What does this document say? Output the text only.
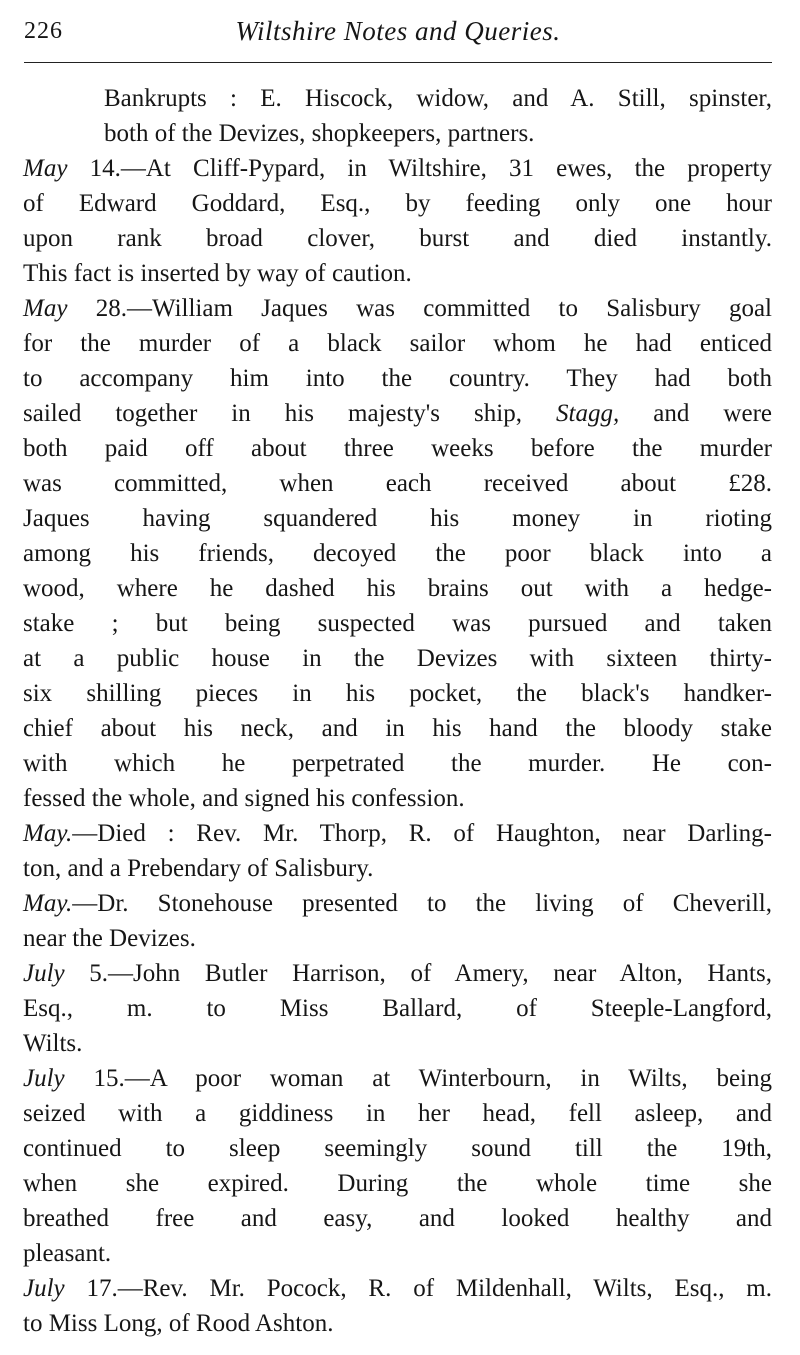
226	Wiltshire Notes and Queries.

Bankrupts : E. Hiscock, widow, and A. Still, spinster,
both of the Devizes, shopkeepers, partners.

May 14.—At Cliff-Pypard, in Wiltshire, 31 ewes, the property
of Edward Goddard, Esq., by feeding only one hour
upon rank broad clover, burst and died instantly.
This fact is inserted by way of caution.

May 28.—William Jaques was committed to Salisbury goal
for the murder of a black sailor whom he had enticed
to accompany him into the country. They had both
sailed together in his majesty's ship, Stagg, and were
both paid off about three weeks before the murder
was committed, when each received about £28.
Jaques having squandered his money in rioting
among his friends, decoyed the poor black into a
wood, where he dashed his brains out with a hedge-
stake ; but being suspected was pursued and taken
at a public house in the Devizes with sixteen thirty-
six shilling pieces in his pocket, the black's handker-
chief about his neck, and in his hand the bloody stake
with which he perpetrated the murder. He con-
fessed the whole, and signed his confession.

May.—Died : Rev. Mr. Thorp, R. of Haughton, near Darling-
ton, and a Prebendary of Salisbury.

May.—Dr. Stonehouse presented to the living of Cheverill,
near the Devizes.

July 5.—John Butler Harrison, of Amery, near Alton, Hants,
Esq., m. to Miss Ballard, of Steeple-Langford,
Wilts.

July 15.—A poor woman at Winterbourn, in Wilts, being
seized with a giddiness in her head, fell asleep, and
continued to sleep seemingly sound till the 19th,
when she expired. During the whole time she
breathed free and easy, and looked healthy and
pleasant.

July 17.—Rev. Mr. Pocock, R. of Mildenhall, Wilts, Esq., m.
to Miss Long, of Rood Ashton.
